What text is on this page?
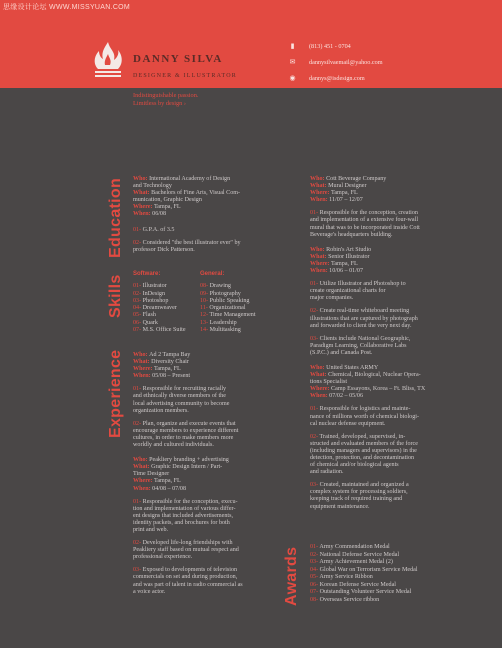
DANNY SILVA
DESIGNER & ILLUSTRATOR
▮	(813) 451 - 0704
✉ dannysilvaemail@yahoo.com
◉ dannys@isdesign.com
思缘设计论坛 WWW.MISSYUAN.COM
Indistinguishable passion.
Limitless by design ›
Education
Skills
Experience
Awards
Who: International Academy of Design
and Technology
What: Bachelors of Fine Arts, Visual Com-
munication, Graphic Design
Where: Tampa, FL
When: 06/08

01- G.P.A. of 3.5

02- Considered "the best illustrator ever" by
professor Dick Patterson.
Software:
01- Illustrator
02- InDesign
03- Photoshop
04- Dreamweaver
05- Flash
06- Quark
07- M.S. Office Suite
General:
08- Drawing
09- Photography
10- Public Speaking
11- Organizational
12- Time Management
13- Leadership
14- Multitasking
Who: Ad 2 Tampa Bay
What: Diversity Chair
Where: Tampa, FL
When: 05/08 – Present

01- Responsible for recruiting racially
and ethnically diverse members of the
local advertising community to become
organization members.

02- Plan, organize and execute events that
encourage members to experience different
cultures, in order to make members more
worldly and cultured individuals.

Who: Peakliery branding + advertising
What: Graphic Design Intern / Part-
Time Designer
Where: Tampa, FL
When: 04/08 – 07/08

01- Responsible for the conception, execu-
tion and implementation of various differ-
ent designs that included advertisements,
identity packets, and brochures for both
print and web.

02- Developed life-long friendships with
Peakliery staff based on mutual respect and
professional experience.

03- Exposed to developments of television
commercials on set and during production,
and was part of talent in radio commercial as
a voice actor.

Who: Cott Beverage Company
What: Mural Designer
Where: Tampa, FL
When: 11/07 – 12/07

01- Responsible for the conception, creation
and implementation of a extensive four-wall
mural that was to be incorporated inside Cott
Beverage's headquarters building.

Who: Robin's Art Studio
What: Senior Illustrator
Where: Tampa, FL
When: 10/06 – 01/07

01- Utilize Illustrator and Photoshop to
create organizational charts for
major companies.

02- Create real-time whiteboard meeting
illustrations that are captured by photograph
and forwarded to client the very next day.

03- Clients include National Geographic,
Paradigm Learning, Collaborative Labs
(S.P.C.) and Canada Post.

Who: United States ARMY
What: Chemical, Biological, Nuclear Opera-
tions Specialist
Where: Camp Essayons, Korea – Ft. Bliss, TX
When: 07/02 – 05/06

01- Responsible for logistics and mainte-
nance of millions worth of chemical biologi-
cal nuclear defense equipment.

02- Trained, developed, supervised, in-
structed and evaluated members of the force
(including managers and supervisors) in the
detection, protection, and decontamination
of chemical and/or biological agents
and radiation.

03- Created, maintained and organized a
complex system for processing soldiers,
keeping track of required training and
equipment maintenance.

01- Army Commendation Medal
02- National Defense Service Medal
03- Army Achievement Medal (2)
04- Global War on Terrorism Service Medal
05- Army Service Ribbon
06- Korean Defense Service Medal
07- Outstanding Volunteer Service Medal
08- Overseas Service ribbon
